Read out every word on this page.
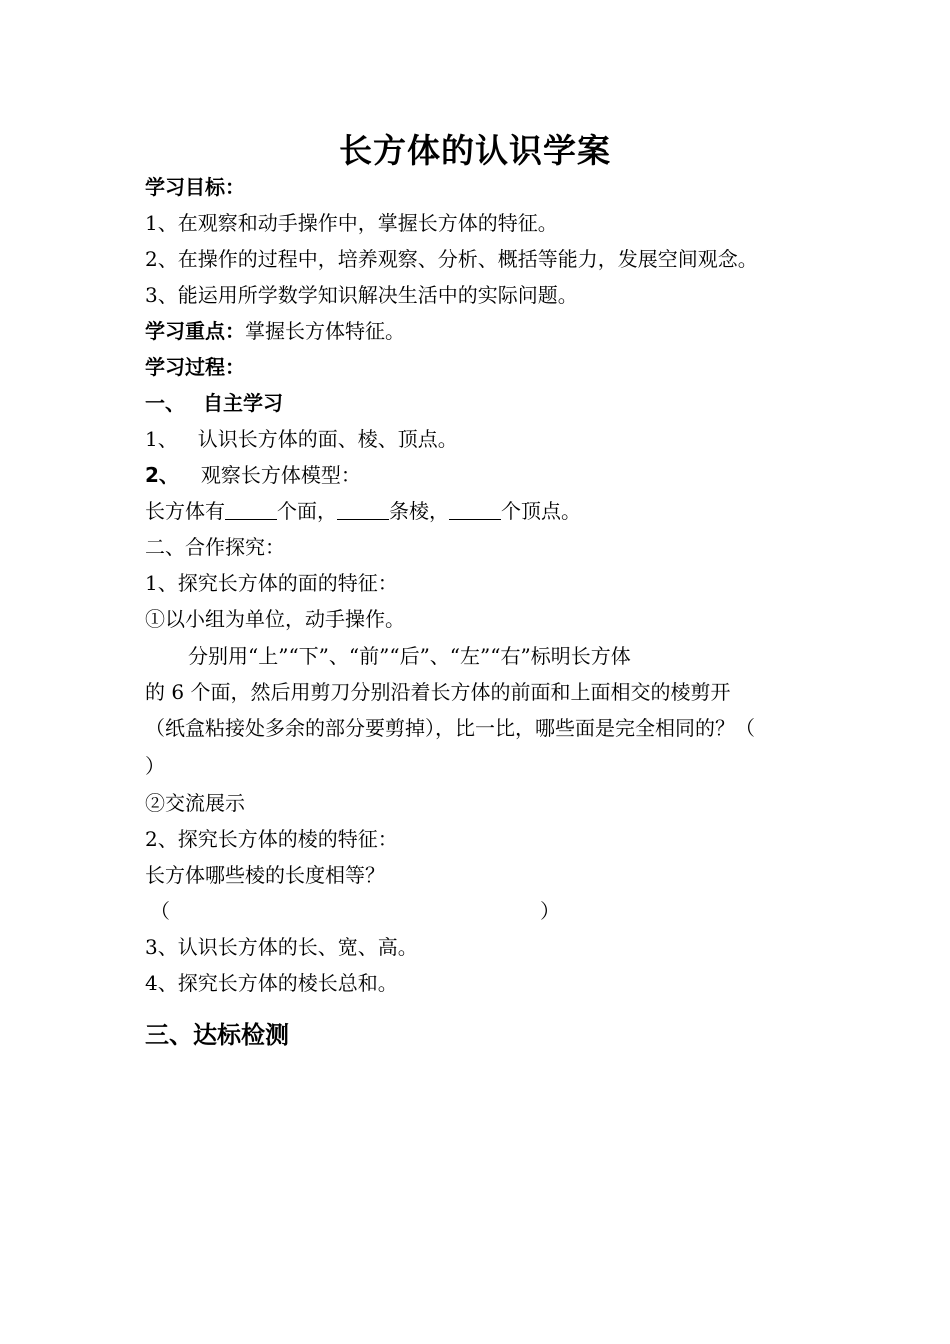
长方体的认识学案
学习目标：
1、在观察和动手操作中，掌握长方体的特征。
2、在操作的过程中，培养观察、分析、概括等能力，发展空间观念。
3、能运用所学数学知识解决生活中的实际问题。
学习重点：掌握长方体特征。
学习过程：
一、 自主学习
1、 认识长方体的面、棱、顶点。
2、 观察长方体模型：
长方体有	个面，	条棱，	个顶点。
二、合作探究：
1、探究长方体的面的特征：
①以小组为单位，动手操作。
分别用“上”“下”、“前”“后”、“左”“右”标明长方体
的 6 个面，然后用剪刀分别沿着长方体的前面和上面相交的棱剪开
（纸盒粘接处多余的部分要剪掉），比一比，哪些面是完全相同的？（
）
②交流展示
2、探究长方体的棱的特征：
长方体哪些棱的长度相等？
（	）
3、认识长方体的长、宽、高。
4、探究长方体的棱长总和。
三、达标检测
